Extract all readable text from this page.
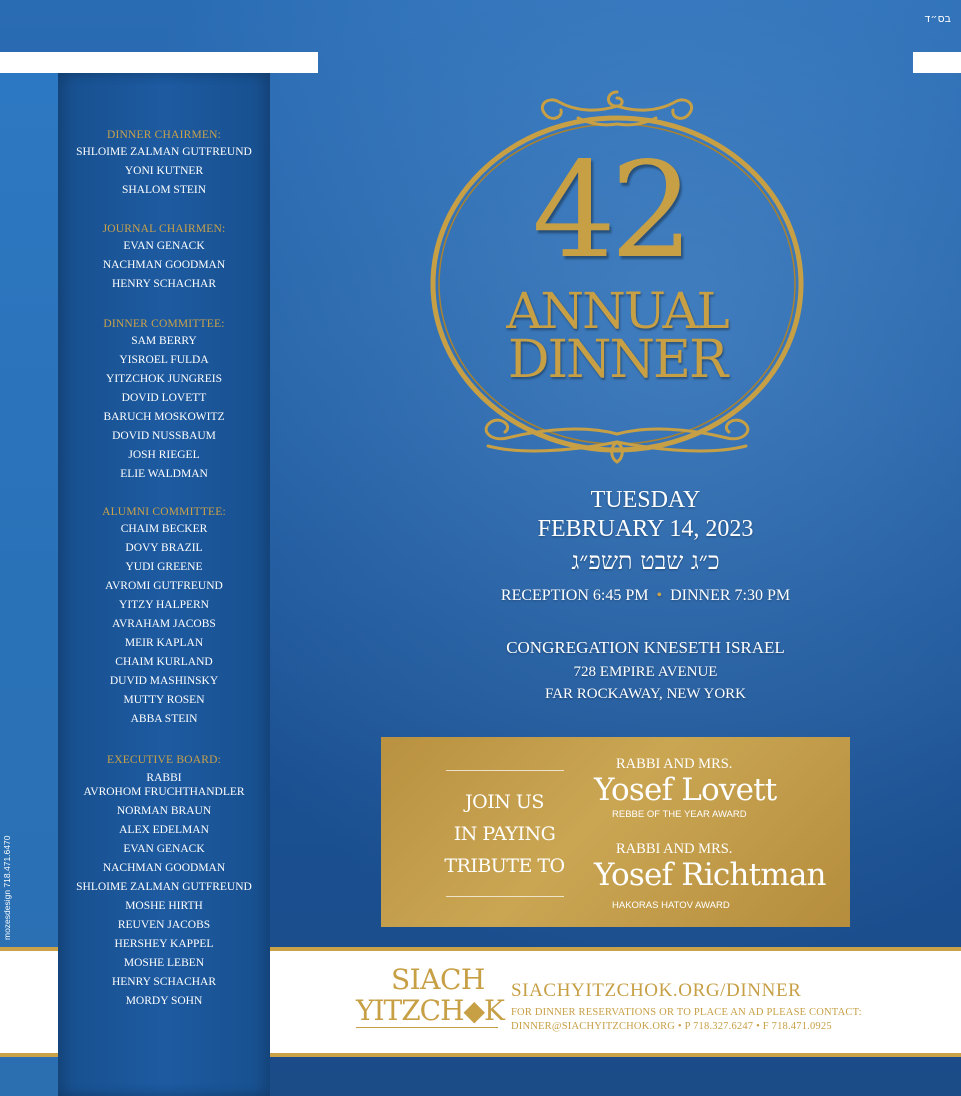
בס״ד
mozesdesign 718.471.6470
DINNER CHAIRMEN:
SHLOIME ZALMAN GUTFREUND
YONI KUTNER
SHALOM STEIN
JOURNAL CHAIRMEN:
EVAN GENACK
NACHMAN GOODMAN
HENRY SCHACHAR
DINNER COMMITTEE:
SAM BERRY
YISROEL FULDA
YITZCHOK JUNGREIS
DOVID LOVETT
BARUCH MOSKOWITZ
DOVID NUSSBAUM
JOSH RIEGEL
ELIE WALDMAN
ALUMNI COMMITTEE:
CHAIM BECKER
DOVY BRAZIL
YUDI GREENE
AVROMI GUTFREUND
YITZY HALPERN
AVRAHAM JACOBS
MEIR KAPLAN
CHAIM KURLAND
DUVID MASHINSKY
MUTTY ROSEN
ABBA STEIN
EXECUTIVE BOARD:
RABBI
AVROHOM FRUCHTHANDLER
NORMAN BRAUN
ALEX EDELMAN
EVAN GENACK
NACHMAN GOODMAN
SHLOIME ZALMAN GUTFREUND
MOSHE HIRTH
REUVEN JACOBS
HERSHEY KAPPEL
MOSHE LEBEN
HENRY SCHACHAR
MORDY SOHN
42
ANNUAL
DINNER
TUESDAY
FEBRUARY 14, 2023
כ״ג שבט תשפ״ג
RECEPTION 6:45 PM • DINNER 7:30 PM
CONGREGATION KNESETH ISRAEL
728 EMPIRE AVENUE
FAR ROCKAWAY, NEW YORK
JOIN US
IN PAYING
TRIBUTE TO
RABBI AND MRS.
Yosef Lovett
REBBE OF THE YEAR AWARD
RABBI AND MRS.
Yosef Richtman
HAKORAS HATOV AWARD
SIACH
YITZCH◆K
SIACHYITZCHOK.ORG/DINNER
FOR DINNER RESERVATIONS OR TO PLACE AN AD PLEASE CONTACT:
DINNER@SIACHYITZCHOK.ORG • P 718.327.6247 • F 718.471.0925
